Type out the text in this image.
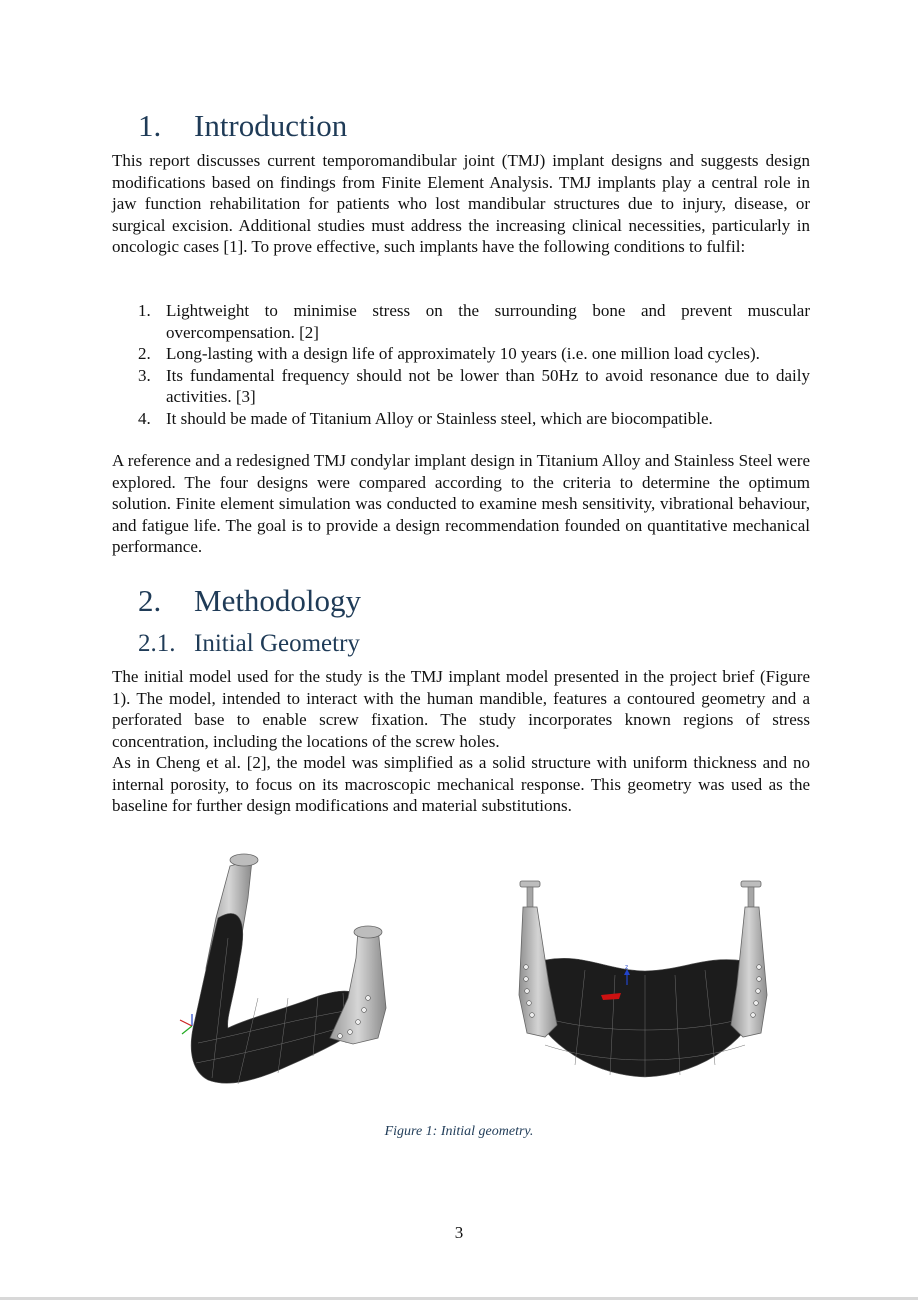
1. Introduction

This report discusses current temporomandibular joint (TMJ) implant designs and suggests design modifications based on findings from Finite Element Analysis. TMJ implants play a central role in jaw function rehabilitation for patients who lost mandibular structures due to injury, disease, or surgical excision. Additional studies must address the increasing clinical necessities, particularly in oncologic cases [1]. To prove effective, such implants have the following conditions to fulfil:

1. Lightweight to minimise stress on the surrounding bone and prevent muscular overcompensation. [2]
2. Long-lasting with a design life of approximately 10 years (i.e. one million load cycles).
3. Its fundamental frequency should not be lower than 50Hz to avoid resonance due to daily activities. [3]
4. It should be made of Titanium Alloy or Stainless steel, which are biocompatible.

A reference and a redesigned TMJ condylar implant design in Titanium Alloy and Stainless Steel were explored. The four designs were compared according to the criteria to determine the optimum solution. Finite element simulation was conducted to examine mesh sensitivity, vibrational behaviour, and fatigue life. The goal is to provide a design recommendation founded on quantitative mechanical performance.

2. Methodology
2.1. Initial Geometry

The initial model used for the study is the TMJ implant model presented in the project brief (Figure 1). The model, intended to interact with the human mandible, features a contoured geometry and a perforated base to enable screw fixation. The study incorporates known regions of stress concentration, including the locations of the screw holes.

As in Cheng et al. [2], the model was simplified as a solid structure with uniform thickness and no internal porosity, to focus on its macroscopic mechanical response. This geometry was used as the baseline for further design modifications and material substitutions.

z
Figure 1: Initial geometry.
3
